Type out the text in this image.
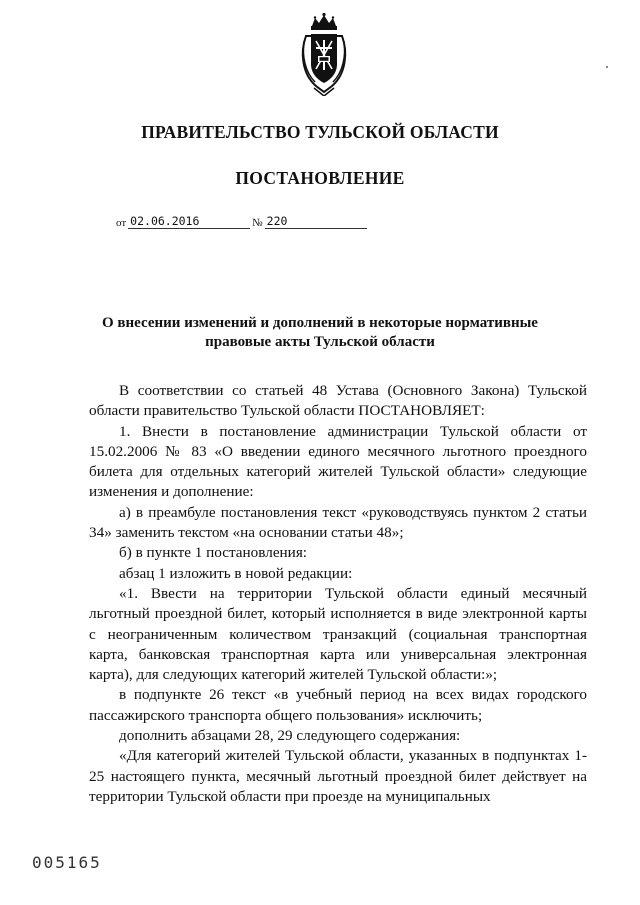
ПРАВИТЕЛЬСТВО ТУЛЬСКОЙ ОБЛАСТИ
ПОСТАНОВЛЕНИЕ
от 02.06.2016	№ 220
О внесении изменений и дополнений в некоторые нормативные
правовые акты Тульской области

В соответствии со статьей 48 Устава (Основного Закона) Тульской области правительство Тульской области ПОСТАНОВЛЯЕТ:

1. Внести в постановление администрации Тульской области от 15.02.2006 № 83 «О введении единого месячного льготного проездного билета для отдельных категорий жителей Тульской области» следующие изменения и дополнение:

а) в преамбуле постановления текст «руководствуясь пунктом 2 статьи 34» заменить текстом «на основании статьи 48»;

б) в пункте 1 постановления:

абзац 1 изложить в новой редакции:

«1. Ввести на территории Тульской области единый месячный льготный проездной билет, который исполняется в виде электронной карты с неограниченным количеством транзакций (социальная транспортная карта, банковская транспортная карта или универсальная электронная карта), для следующих категорий жителей Тульской области:»;

в подпункте 26 текст «в учебный период на всех видах городского пассажирского транспорта общего пользования» исключить;

дополнить абзацами 28, 29 следующего содержания:

«Для категорий жителей Тульской области, указанных в подпунктах 1-25 настоящего пункта, месячный льготный проездной билет действует на территории Тульской области при проезде на муниципальных

005165
